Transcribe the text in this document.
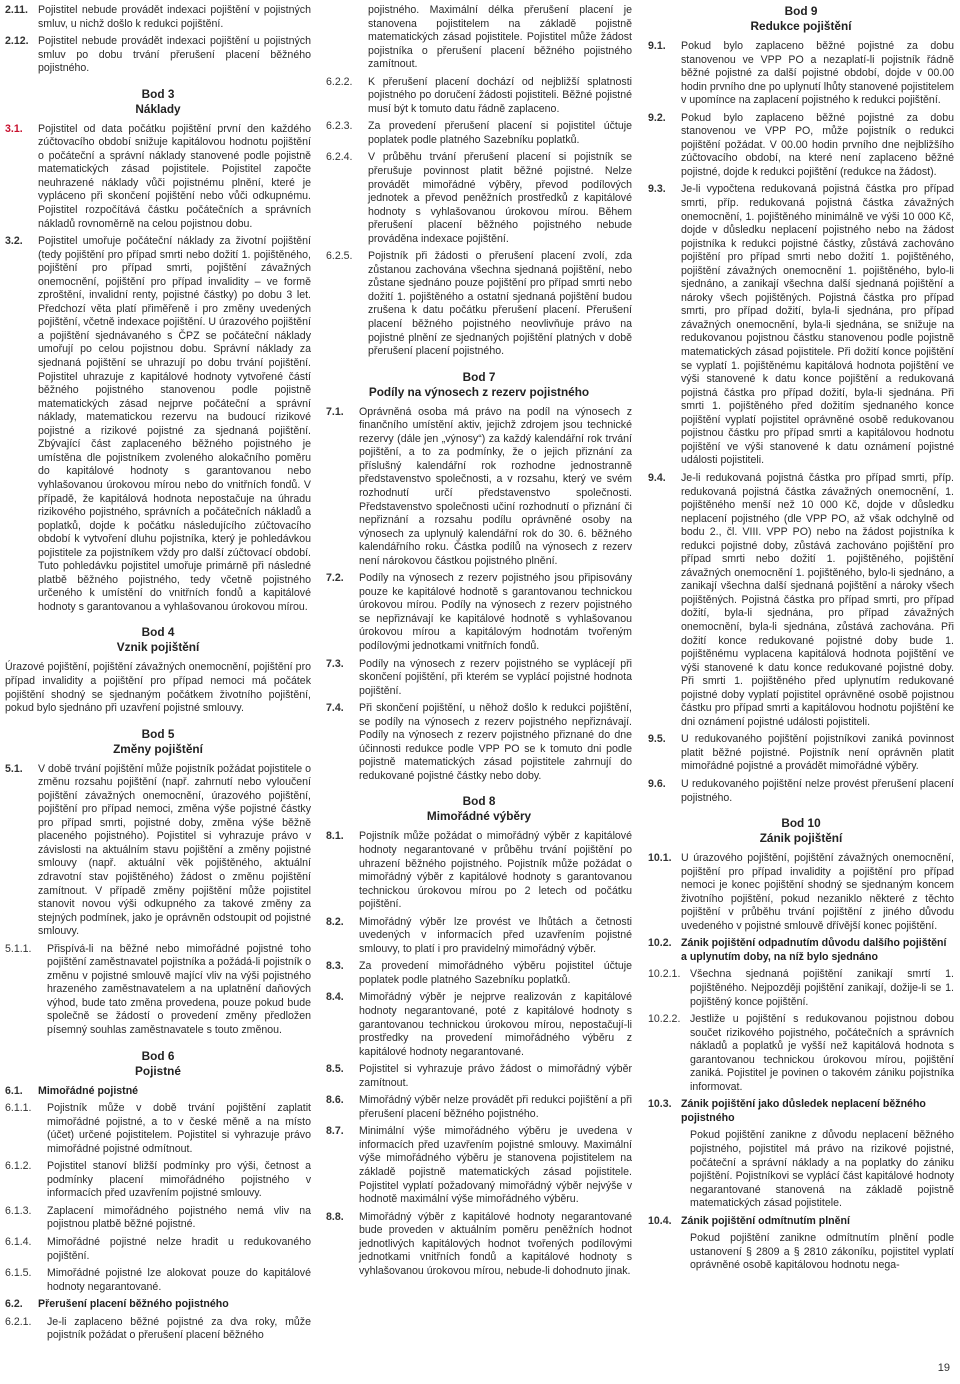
2.11. Pojistitel nebude provádět indexaci pojištění v pojistných smluv, u nichž došlo k redukci pojištění.

2.12. Pojistitel nebude provádět indexaci pojištění u pojistných smluv po dobu trvání přerušení placení běžného pojistného.

Bod 3
Náklady

3.1. Pojistitel od data počátku pojištění první den každého zúčtovacího období snižuje kapitálovou hodnotu pojištění o počáteční a správní náklady stanovené podle pojistně matematických zásad pojistitele. Pojistitel započte neuhrazené náklady vůči pojistnému plnění, které je vypláceno při skončení pojištění nebo vůči odkupnému. Pojistitel rozpočítává částku počátečních a správních nákladů rovnoměrně na celou pojistnou dobu.

3.2. Pojistitel umořuje počáteční náklady za životní pojištění (tedy pojištění pro případ smrti nebo dožití 1. pojištěného, pojištění pro případ smrti, pojištění závažných onemocnění, pojištění pro případ invalidity – ve formě zproštění, invalidní renty, pojistné částky) po dobu 3 let. Předchozí věta platí přiměřeně i pro změny uvedených pojištění, včetně indexace pojištění. U úrazového pojištění a pojištění sjednávaného s ČPZ se počáteční náklady umořují po celou pojistnou dobu. Správní náklady za sjednaná pojištění se uhrazují po dobu trvání pojištění. Pojistitel uhrazuje z kapitálové hodnoty vytvořené částí běžného pojistného stanovenou podle pojistně matematických zásad nejprve počáteční a správní náklady, matematickou rezervu na budoucí rizikové pojistné a rizikové pojistné za sjednaná pojištění. Zbývající část zaplaceného běžného pojistného je umístěna dle pojistníkem zvoleného alokačního poměru do kapitálové hodnoty s garantovanou nebo vyhlašovanou úrokovou mírou nebo do vnitřních fondů. V případě, že kapitálová hodnota nepostačuje na úhradu rizikového pojistného, správních a počátečních nákladů a poplatků, dojde k počátku následujícího zúčtovacího období k vytvoření dluhu pojistníka, který je pohledávkou pojistitele za pojistníkem vždy pro další zúčtovací období. Tuto pohledávku pojistitel umořuje primárně při následné platbě běžného pojistného, tedy včetně pojistného určeného k umístění do vnitřních fondů a kapitálové hodnoty s garantovanou a vyhlašovanou úrokovou mírou.

Bod 4
Vznik pojištění

Úrazové pojištění, pojištění závažných onemocnění, pojištění pro případ invalidity a pojištění pro případ nemoci má počátek pojištění shodný se sjednaným počátkem životního pojištění, pokud bylo sjednáno při uzavření pojistné smlouvy.

Bod 5
Změny pojištění

5.1. V době trvání pojištění může pojistník požádat pojistitele o změnu rozsahu pojištění (např. zahrnutí nebo vyloučení pojištění závažných onemocnění, úrazového pojištění, pojištění pro případ nemoci, změna výše pojistné částky pro případ smrti, pojistné doby, změna výše běžně placeného pojistného). Pojistitel si vyhrazuje právo v závislosti na aktuálním stavu pojištění a změny pojistné smlouvy (např. aktuální věk pojištěného, aktuální zdravotní stav pojištěného) žádost o změnu pojištění zamítnout. V případě změny pojištění může pojistitel stanovit novou výši odkupného za takové změny za stejných podmínek, jako je oprávněn odstoupit od pojistné smlouvy.

5.1.1. Přispívá-li na běžné nebo mimořádné pojistné toho pojištění zaměstnavatel pojistníka a požádá-li pojistník o změnu v pojistné smlouvě mající vliv na výši pojistného hrazeného zaměstnavatelem a na uplatnění daňových výhod, bude tato změna provedena, pouze pokud bude společně se žádostí o provedení změny předložen písemný souhlas zaměstnavatele s touto změnou.

Bod 6
Pojistné
6.1. Mimořádné pojistné

6.1.1. Pojistník může v době trvání pojištění zaplatit mimořádné pojistné, a to v české měně a na místo (účet) určené pojistitelem. Pojistitel si vyhrazuje právo mimořádné pojistné odmítnout.

6.1.2. Pojistitel stanoví bližší podmínky pro výši, četnost a podmínky placení mimořádného pojistného v informacích před uzavřením pojistné smlouvy.

6.1.3. Zaplacení mimořádného pojistného nemá vliv na pojistnou platbě běžné pojistné.

6.1.4. Mimořádné pojistné nelze hradit u redukovaného pojištění.

6.1.5. Mimořádné pojistné lze alokovat pouze do kapitálové hodnoty negarantované.

6.2. Přerušení placení běžného pojistného

6.2.1. Je-li zaplaceno běžné pojistné za dva roky, může pojistník požádat o přerušení placení běžného

pojistného. Maximální délka přerušení placení je stanovena pojistitelem na základě pojistně matematických zásad pojistitele. Pojistitel může žádost pojistníka o přerušení placení běžného pojistného zamítnout.

6.2.2. K přerušení placení dochází od nejbližší splatnosti pojistného po doručení žádosti pojistiteli. Běžné pojistné musí být k tomuto datu řádně zaplaceno.

6.2.3. Za provedení přerušení placení si pojistitel účtuje poplatek podle platného Sazebníku poplatků.

6.2.4. V průběhu trvání přerušení placení si pojistník se přerušuje povinnost platit běžné pojistné. Nelze provádět mimořádné výběry, převod podílových jednotek a převod peněžních prostředků z kapitálové hodnoty s vyhlašovanou úrokovou mírou. Během přerušení placení běžného pojistného nebude prováděna indexace pojištění.

6.2.5. Pojistník při žádosti o přerušení placení zvolí, zda zůstanou zachována všechna sjednaná pojištění, nebo zůstane sjednáno pouze pojištění pro případ smrti nebo dožití 1. pojištěného a ostatní sjednaná pojištění budou zrušena k datu počátku přerušení placení. Přerušení placení běžného pojistného neovlivňuje právo na pojistné plnění ze sjednaných pojištění platných v době přerušení placení pojistného.

Bod 7
Podíly na výnosech z rezerv pojistného

7.1. Oprávněná osoba má právo na podíl na výnosech z finančního umístění aktiv, jejichž zdrojem jsou technické rezervy (dále jen „výnosy“) za každý kalendářní rok trvání pojištění, a to za podmínky, že o jejich přiznání za příslušný kalendářní rok rozhodne jednostranně představenstvo společnosti, a v rozsahu, který ve svém rozhodnutí určí představenstvo společnosti. Představenstvo společnosti učiní rozhodnutí o přiznání či nepřiznání a rozsahu podílu oprávněné osoby na výnosech za uplynulý kalendářní rok do 30. 6. běžného kalendářního roku. Částka podílů na výnosech z rezerv není nárokovou částkou pojistného plnění.

7.2. Podíly na výnosech z rezerv pojistného jsou připisovány pouze ke kapitálové hodnotě s garantovanou technickou úrokovou mírou. Podíly na výnosech z rezerv pojistného se nepřiznávají ke kapitálové hodnotě s vyhlašovanou úrokovou mírou a kapitálovým hodnotám tvořeným podílovými jednotkami vnitřních fondů.

7.3. Podíly na výnosech z rezerv pojistného se vyplácejí při skončení pojištění, při kterém se vyplácí pojistné hodnota pojištění.

7.4. Při skončení pojištění, u něhož došlo k redukci pojištění, se podíly na výnosech z rezerv pojistného nepřiznávají. Podíly na výnosech z rezerv pojistného přiznané do dne účinnosti redukce podle VPP PO se k tomuto dni podle pojistně matematických zásad pojistitele zahrnují do redukované pojistné částky nebo doby.

Bod 8
Mimořádné výběry

8.1. Pojistník může požádat o mimořádný výběr z kapitálové hodnoty negarantované v průběhu trvání pojištění po uhrazení běžného pojistného. Pojistník může požádat o mimořádný výběr z kapitálové hodnoty s garantovanou technickou úrokovou mírou po 2 letech od počátku pojištění.

8.2. Mimořádný výběr lze provést ve lhůtách a četnosti uvedených v informacích před uzavřením pojistné smlouvy, to platí i pro pravidelný mimořádný výběr.

8.3. Za provedení mimořádného výběru pojistitel účtuje poplatek podle platného Sazebníku poplatků.

8.4. Mimořádný výběr je nejprve realizován z kapitálové hodnoty negarantované, poté z kapitálové hodnoty s garantovanou technickou úrokovou mírou, nepostačují-li prostředky na provedení mimořádného výběru z kapitálové hodnoty negarantované.

8.5. Pojistitel si vyhrazuje právo žádost o mimořádný výběr zamítnout.

8.6. Mimořádný výběr nelze provádět při redukci pojištění a při přerušení placení běžného pojistného.

8.7. Minimální výše mimořádného výběru je uvedena v informacích před uzavřením pojistné smlouvy. Maximální výše mimořádného výběru je stanovena pojistitelem na základě pojistně matematických zásad pojistitele. Pojistitel vyplatí požadovaný mimořádný výběr nejvýše v hodnotě maximální výše mimořádného výběru.

8.8. Mimořádný výběr z kapitálové hodnoty negarantované bude proveden v aktuálním poměru peněžních hodnot jednotlivých kapitálových hodnot tvořených podílovými jednotkami vnitřních fondů a kapitálové hodnoty s vyhlašovanou úrokovou mírou, nebude-li dohodnuto jinak.

Bod 9
Redukce pojištění

9.1. Pokud bylo zaplaceno běžné pojistné za dobu stanovenou ve VPP PO a nezaplatí-li pojistník řádně běžné pojistné za další pojistné období, dojde v 00.00 hodin prvního dne po uplynutí lhůty stanovené pojistitelem v upomínce na zaplacení pojistného k redukci pojištění.

9.2. Pokud bylo zaplaceno běžné pojistné za dobu stanovenou ve VPP PO, může pojistník o redukci pojištění požádat. V 00.00 hodin prvního dne nejbližšího zúčtovacího období, na které není zaplaceno běžné pojistné, dojde k redukci pojištění (redukce na žádost).

9.3. Je-li vypočtena redukovaná pojistná částka pro případ smrti, příp. redukovaná pojistná částka závažných onemocnění, 1. pojištěného minimálně ve výši 10 000 Kč, dojde v důsledku neplacení pojistného nebo na žádost pojistníka k redukci pojistné částky, zůstává zachováno pojištění pro případ smrti nebo dožití 1. pojištěného, pojištění závažných onemocnění 1. pojištěného, bylo-li sjednáno, a zanikají všechna další sjednaná pojištění a nároky všech pojištěných. Pojistná částka pro případ smrti, pro případ dožití, byla-li sjednána, pro případ závažných onemocnění, byla-li sjednána, se snižuje na redukovanou pojistnou částku stanovenou podle pojistně matematických zásad pojistitele. Při dožití konce pojištění se vyplatí 1. pojištěnému kapitálová hodnota pojištění ve výši stanovené k datu konce pojištění a redukovaná pojistná částka pro případ dožití, byla-li sjednána. Při smrti 1. pojištěného před dožitím sjednaného konce pojištění vyplatí pojistitel oprávněné osobě redukovanou pojistnou částku pro případ smrti a kapitálovou hodnotu pojištění ve výši stanovené k datu oznámení pojistné události pojistiteli.

9.4. Je-li redukovaná pojistná částka pro případ smrti, příp. redukovaná pojistná částka závažných onemocnění, 1. pojištěného menší než 10 000 Kč, dojde v důsledku neplacení pojistného (dle VPP PO, až však odchylně od bodu 2., čl. VIII. VPP PO) nebo na žádost pojistníka k redukci pojistné doby, zůstává zachováno pojištění pro případ smrti nebo dožití 1. pojištěného, pojištění závažných onemocnění 1. pojištěného, bylo-li sjednáno, a zanikají všechna další sjednaná pojištění a nároky všech pojištěných. Pojistná částka pro případ smrti, pro případ dožití, byla-li sjednána, pro případ závažných onemocnění, byla-li sjednána, zůstává zachována. Při dožití konce redukované pojistné doby bude 1. pojištěnému vyplacena kapitálová hodnota pojištění ve výši stanovené k datu konce redukované pojistné doby. Při smrti 1. pojištěného před uplynutím redukované pojistné doby vyplatí pojistitel oprávněné osobě pojistnou částku pro případ smrti a kapitálovou hodnotu pojištění ke dni oznámení pojistné události pojistiteli.

9.5. U redukovaného pojištění pojistníkovi zaniká povinnost platit běžné pojistné. Pojistník není oprávněn platit mimořádné pojistné a provádět mimořádné výběry.

9.6. U redukovaného pojištění nelze provést přerušení placení pojistného.

Bod 10
Zánik pojištění

10.1. U úrazového pojištění, pojištění závažných onemocnění, pojištění pro případ invalidity a pojištění pro případ nemoci je konec pojištění shodný se sjednaným koncem životního pojištění, pokud nezaniklo některé z těchto pojištění v průběhu trvání pojištění z jiného důvodu uvedeného v pojistné smlouvě dřívější konec pojištění.

10.2. Zánik pojištění odpadnutím důvodu dalšího pojištění a uplynutím doby, na níž bylo sjednáno

10.2.1. Všechna sjednaná pojištění zanikají smrtí 1. pojištěného. Nejpozději pojištění zanikají, dožije-li se 1. pojištěný konce pojištění.

10.2.2. Jestliže u pojištění s redukovanou pojistnou dobou součet rizikového pojistného, počátečních a správních nákladů a poplatků je vyšší než kapitálová hodnota s garantovanou technickou úrokovou mírou, pojištění zaniká. Pojistitel je povinen o takovém zániku pojistníka informovat.

10.3. Zánik pojištění jako důsledek neplacení běžného pojistného

Pokud pojištění zanikne z důvodu neplacení běžného pojistného, pojistitel má právo na rizikové pojistné, počáteční a správní náklady a na poplatky do zániku pojištění. Pojistníkovi se vyplácí část kapitálové hodnoty negarantované stanovená na základě pojistně matematických zásad pojistitele.

10.4. Zánik pojištění odmítnutím plnění

Pokud pojištění zanikne odmítnutím plnění podle ustanovení § 2809 a § 2810 zákoníku, pojistitel vyplatí oprávněné osobě kapitálovou hodnotu nega-

19
